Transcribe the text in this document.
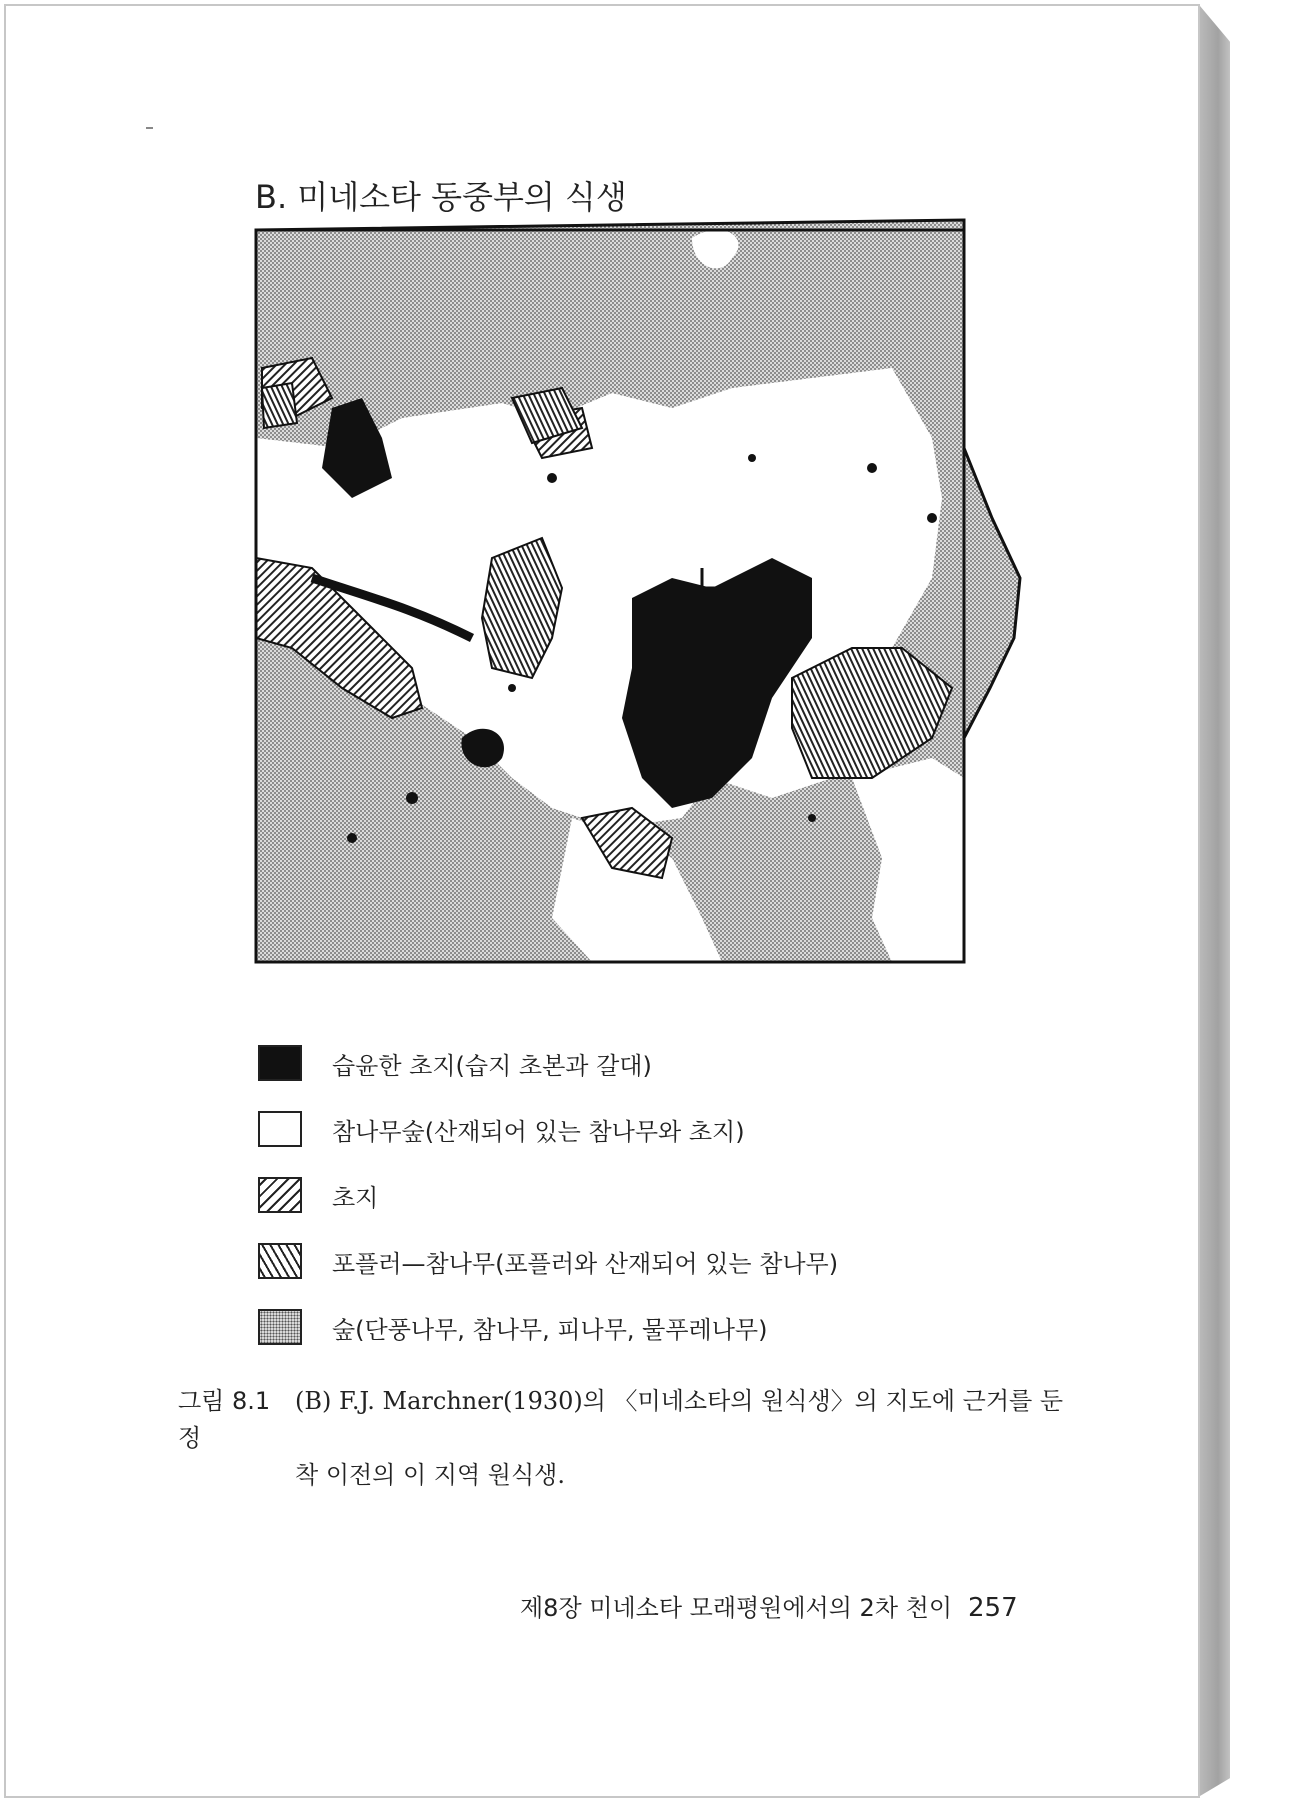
B. 미네소타 동중부의 식생
습윤한 초지(습지 초본과 갈대)
참나무숲(산재되어 있는 참나무와 초지)
초지
포플러—참나무(포플러와 산재되어 있는 참나무)
숲(단풍나무, 참나무, 피나무, 물푸레나무)
그림 8.1 (B) F.J. Marchner(1930)의 〈미네소타의 원식생〉의 지도에 근거를 둔 정
착 이전의 이 지역 원식생.
제8장 미네소타 모래평원에서의 2차 천이 257
